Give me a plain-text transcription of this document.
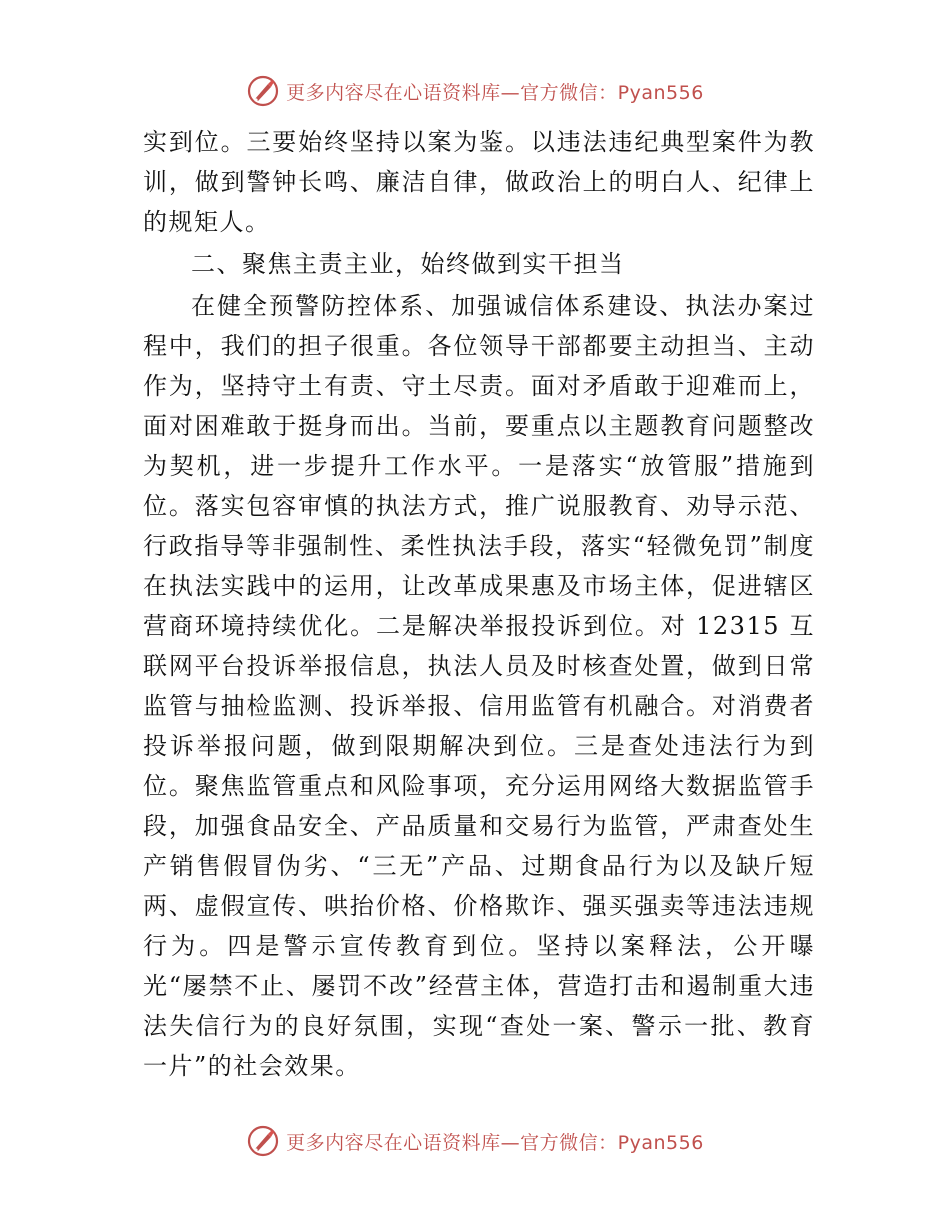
更多内容尽在心语资料库—官方微信：Pyan556

实到位。三要始终坚持以案为鉴。以违法违纪典型案件为教训，做到警钟长鸣、廉洁自律，做政治上的明白人、纪律上的规矩人。

二、聚焦主责主业，始终做到实干担当

在健全预警防控体系、加强诚信体系建设、执法办案过程中，我们的担子很重。各位领导干部都要主动担当、主动作为，坚持守土有责、守土尽责。面对矛盾敢于迎难而上，面对困难敢于挺身而出。当前，要重点以主题教育问题整改为契机，进一步提升工作水平。一是落实“放管服”措施到位。落实包容审慎的执法方式，推广说服教育、劝导示范、行政指导等非强制性、柔性执法手段，落实“轻微免罚”制度在执法实践中的运用，让改革成果惠及市场主体，促进辖区营商环境持续优化。二是解决举报投诉到位。对 12315 互联网平台投诉举报信息，执法人员及时核查处置，做到日常监管与抽检监测、投诉举报、信用监管有机融合。对消费者投诉举报问题，做到限期解决到位。三是查处违法行为到位。聚焦监管重点和风险事项，充分运用网络大数据监管手段，加强食品安全、产品质量和交易行为监管，严肃查处生产销售假冒伪劣、“三无”产品、过期食品行为以及缺斤短两、虚假宣传、哄抬价格、价格欺诈、强买强卖等违法违规行为。四是警示宣传教育到位。坚持以案释法，公开曝光“屡禁不止、屡罚不改”经营主体，营造打击和遏制重大违法失信行为的良好氛围，实现“查处一案、警示一批、教育一片”的社会效果。

更多内容尽在心语资料库—官方微信：Pyan556
